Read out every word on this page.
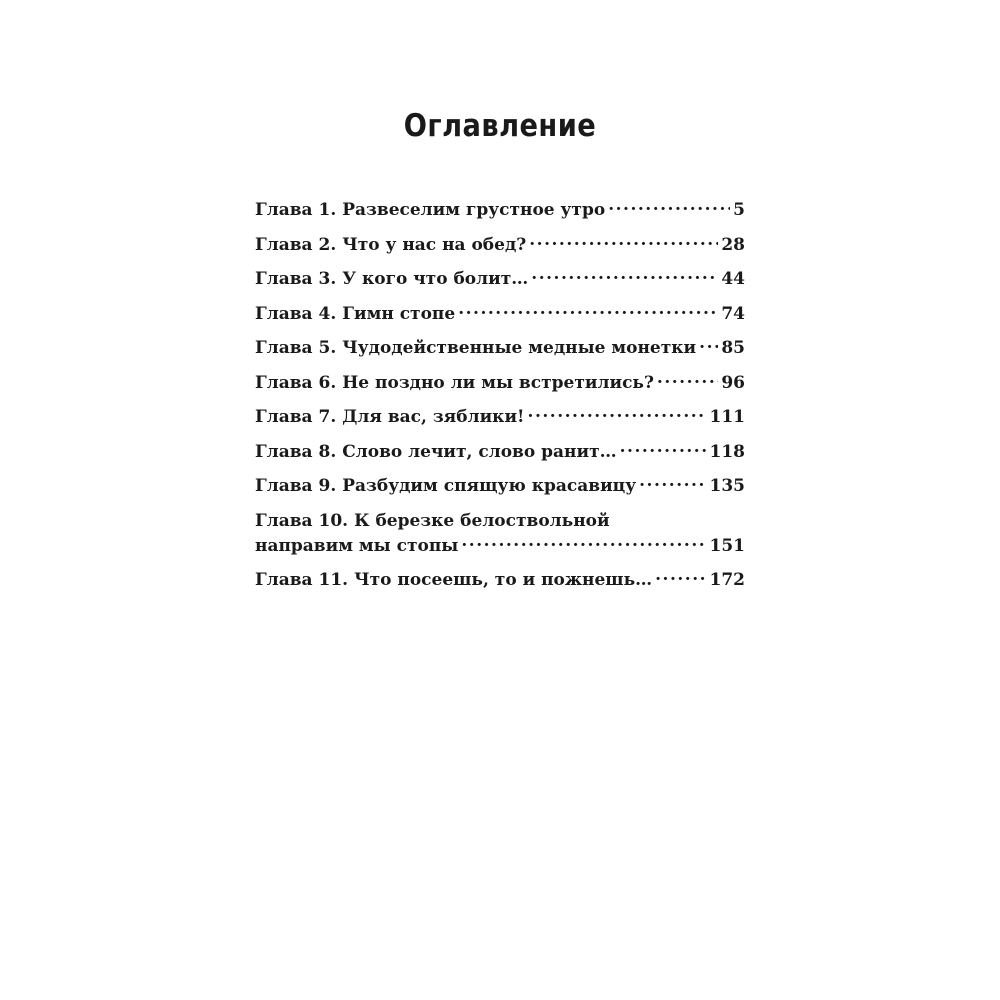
Оглавление
Глава 1. Развеселим грустное утро .....	5
Глава 2. Что у нас на обед? .....	28
Глава 3. У кого что болит… .....	44
Глава 4. Гимн стопе .....	74
Глава 5. Чудодейственные медные монетки ..... 85
Глава 6. Не поздно ли мы встретились? .....	96
Глава 7. Для вас, зяблики! .....	111
Глава 8. Слово лечит, слово ранит… .....	118
Глава 9. Разбудим спящую красавицу .....	135
Глава 10. К березке белоствольной
направим мы стопы .....	151
Глава 11. Что посеешь, то и пожнешь… .....	172
